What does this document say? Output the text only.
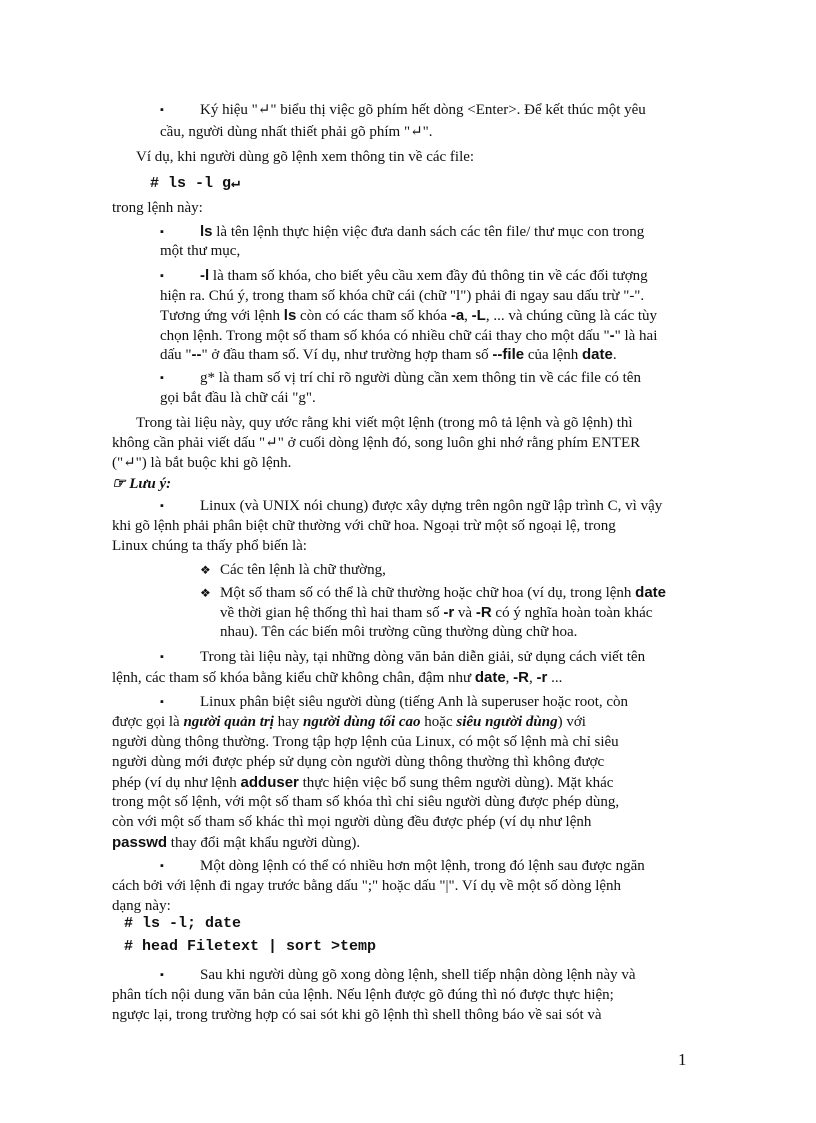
▪Ký hiệu "↵" biểu thị việc gõ phím hết dòng <Enter>. Để kết thúc một yêu

cầu, người dùng nhất thiết phải gõ phím "↵".

Ví dụ, khi người dùng gõ lệnh xem thông tin về các file:

# ls -l g↵

trong lệnh này:

▪ls là tên lệnh thực hiện việc đưa danh sách các tên file/ thư mục con trong

một thư mục,

▪-l là tham số khóa, cho biết yêu cầu xem đầy đủ thông tin về các đối tượng

hiện ra. Chú ý, trong tham số khóa chữ cái (chữ "l") phải đi ngay sau dấu trừ "-".

Tương ứng với lệnh ls còn có các tham số khóa -a, -L, ... và chúng cũng là các tùy

chọn lệnh. Trong một số tham số khóa có nhiều chữ cái thay cho một dấu "-" là hai

dấu "--" ở đầu tham số. Ví dụ, như trường hợp tham số --file của lệnh date.

▪g* là tham số vị trí chỉ rõ người dùng cần xem thông tin về các file có tên

gọi bắt đầu là chữ cái "g".

Trong tài liệu này, quy ước rằng khi viết một lệnh (trong mô tả lệnh và gõ lệnh) thì

không cần phải viết dấu "↵" ở cuối dòng lệnh đó, song luôn ghi nhớ rằng phím ENTER

("↵") là bắt buộc khi gõ lệnh.

☞ Lưu ý:

▪Linux (và UNIX nói chung) được xây dựng trên ngôn ngữ lập trình C, vì vậy

khi gõ lệnh phải phân biệt chữ thường với chữ hoa. Ngoại trừ một số ngoại lệ, trong

Linux chúng ta thấy phổ biến là:

❖Các tên lệnh là chữ thường,

❖Một số tham số có thể là chữ thường hoặc chữ hoa (ví dụ, trong lệnh date

về thời gian hệ thống thì hai tham số -r và -R có ý nghĩa hoàn toàn khác

nhau). Tên các biến môi trường cũng thường dùng chữ hoa.

▪Trong tài liệu này, tại những dòng văn bản diễn giải, sử dụng cách viết tên

lệnh, các tham số khóa bằng kiểu chữ không chân, đậm như date, -R, -r ...

▪Linux phân biệt siêu người dùng (tiếng Anh là superuser hoặc root, còn

được gọi là người quản trị hay người dùng tối cao hoặc siêu người dùng) với

người dùng thông thường. Trong tập hợp lệnh của Linux, có một số lệnh mà chỉ siêu

người dùng mới được phép sử dụng còn người dùng thông thường thì không được

phép (ví dụ như lệnh adduser thực hiện việc bổ sung thêm người dùng). Mặt khác

trong một số lệnh, với một số tham số khóa thì chỉ siêu người dùng được phép dùng,

còn với một số tham số khác thì mọi người dùng đều được phép (ví dụ như lệnh

passwd thay đổi mật khẩu người dùng).

▪Một dòng lệnh có thể có nhiều hơn một lệnh, trong đó lệnh sau được ngăn

cách bởi với lệnh đi ngay trước bằng dấu ";" hoặc dấu "|". Ví dụ về một số dòng lệnh

dạng này:

# ls -l; date
# head Filetext | sort >temp

▪Sau khi người dùng gõ xong dòng lệnh, shell tiếp nhận dòng lệnh này và

phân tích nội dung văn bản của lệnh. Nếu lệnh được gõ đúng thì nó được thực hiện;

ngược lại, trong trường hợp có sai sót khi gõ lệnh thì shell thông báo về sai sót và

1
